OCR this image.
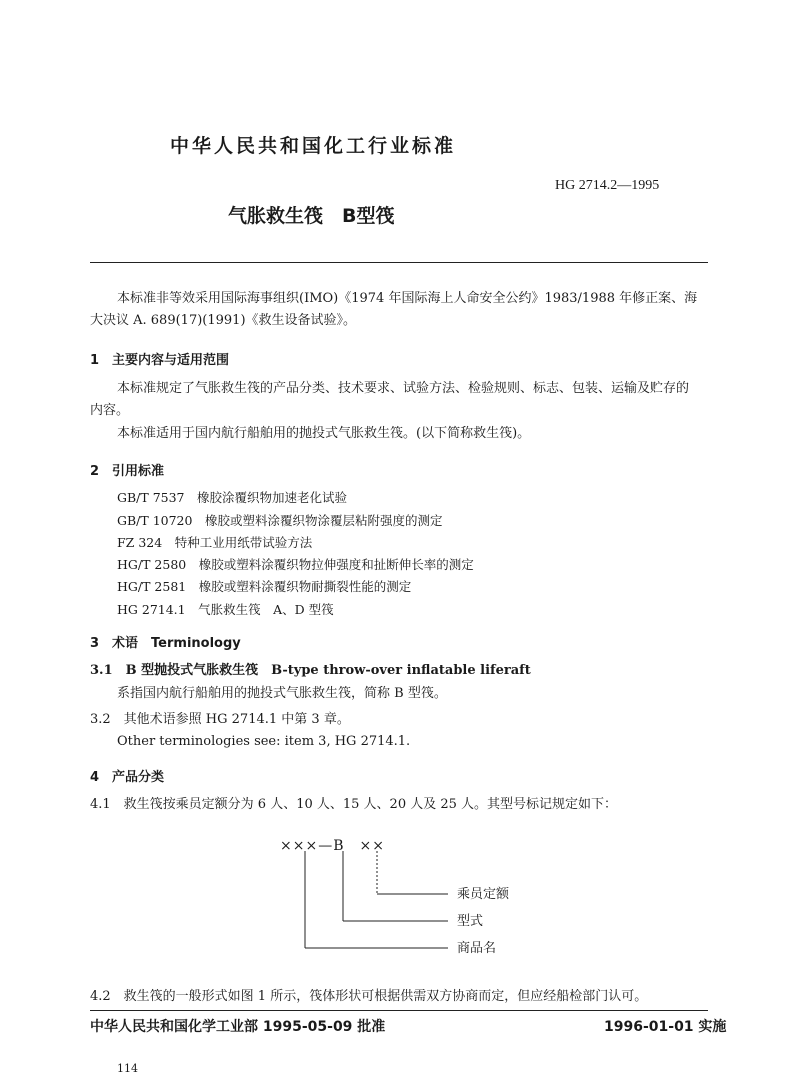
中华人民共和国化工行业标准
HG 2714.2—1995
气胀救生筏　B型筏
本标准非等效采用国际海事组织(IMO)《1974 年国际海上人命安全公约》1983/1988 年修正案、海
大决议 A. 689(17)(1991)《救生设备试验》。
1　主要内容与适用范围
本标准规定了气胀救生筏的产品分类、技术要求、试验方法、检验规则、标志、包装、运输及贮存的
内容。
本标准适用于国内航行船舶用的抛投式气胀救生筏。(以下简称救生筏)。
2　引用标准
GB/T 7537　橡胶涂覆织物加速老化试验
GB/T 10720　橡胶或塑料涂覆织物涂覆层粘附强度的测定
FZ 324　特种工业用纸带试验方法
HG/T 2580　橡胶或塑料涂覆织物拉伸强度和扯断伸长率的测定
HG/T 2581　橡胶或塑料涂覆织物耐撕裂性能的测定
HG 2714.1　气胀救生筏　A、D 型筏
3　术语　Terminology
3.1　B 型抛投式气胀救生筏　B-type throw-over inflatable liferaft
系指国内航行船舶用的抛投式气胀救生筏，简称 B 型筏。
3.2　其他术语参照 HG 2714.1 中第 3 章。
Other terminologies see: item 3, HG 2714.1.
4　产品分类
4.1　救生筏按乘员定额分为 6 人、10 人、15 人、20 人及 25 人。其型号标记规定如下：
×××—B　××
乘员定额
型式
商品名
4.2　救生筏的一般形式如图 1 所示，筏体形状可根据供需双方协商而定，但应经船检部门认可。
中华人民共和国化学工业部 1995-05-09 批准	1996-01-01 实施
114
